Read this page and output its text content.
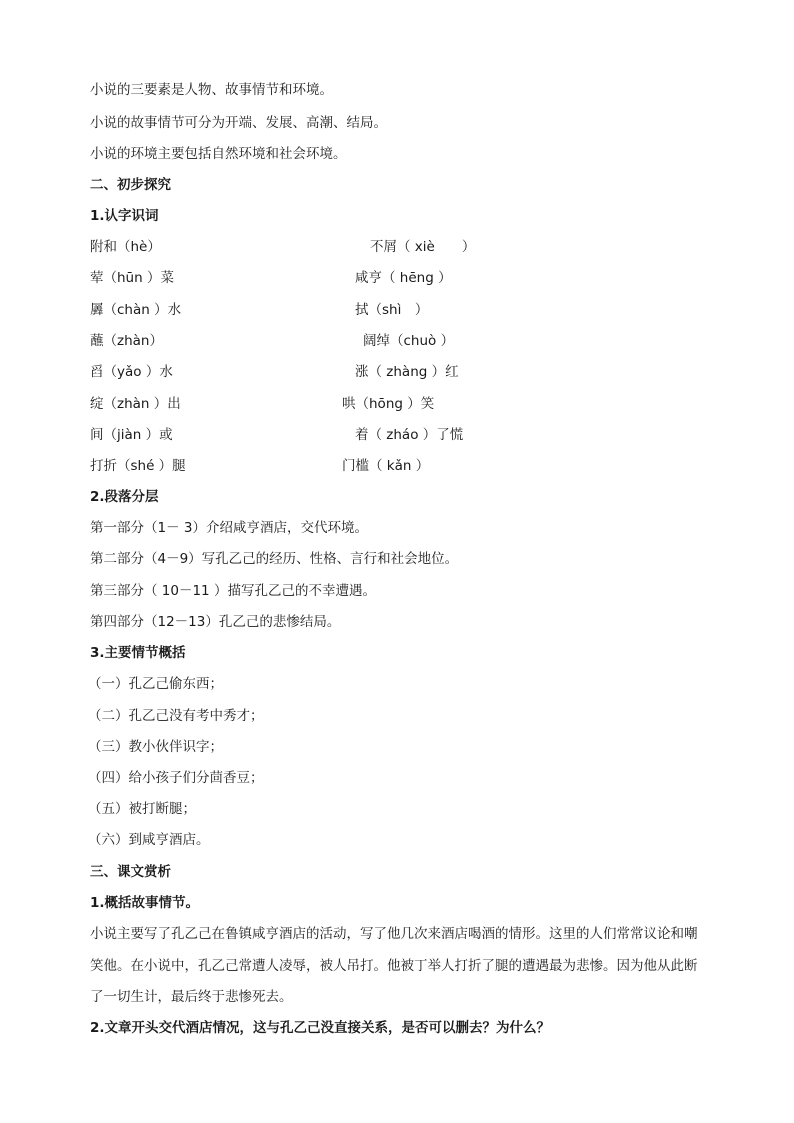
小说的三要素是人物、故事情节和环境。
小说的故事情节可分为开端、发展、高潮、结局。
小说的环境主要包括自然环境和社会环境。
二、初步探究
1.认字识词
附和（hè）	不屑（ xiè　　）
荤（hūn ）菜	咸亨（ hēng ）
羼（chàn ）水	拭（shì　）
蘸（zhàn）	阔绰（chuò ）
舀（yǎo ）水	涨（ zhàng ）红
绽（zhàn ）出	哄（hōng ）笑
间（jiàn ）或	着（ zháo ）了慌
打折（shé ）腿	门槛（ kǎn ）
2.段落分层
第一部分（1－ 3）介绍咸亨酒店，交代环境。
第二部分（4－9）写孔乙己的经历、性格、言行和社会地位。
第三部分（ 10－11 ）描写孔乙己的不幸遭遇。
第四部分（12－13）孔乙己的悲惨结局。
3.主要情节概括
（一）孔乙己偷东西；
（二）孔乙己没有考中秀才；
（三）教小伙伴识字；
（四）给小孩子们分茴香豆；
（五）被打断腿；
（六）到咸亨酒店。
三、课文赏析
1.概括故事情节。
小说主要写了孔乙己在鲁镇咸亨酒店的活动，写了他几次来酒店喝酒的情形。这里的人们常常议论和嘲笑他。在小说中，孔乙己常遭人凌辱，被人吊打。他被丁举人打折了腿的遭遇最为悲惨。因为他从此断了一切生计，最后终于悲惨死去。
2.文章开头交代酒店情况，这与孔乙己没直接关系，是否可以删去？为什么？
